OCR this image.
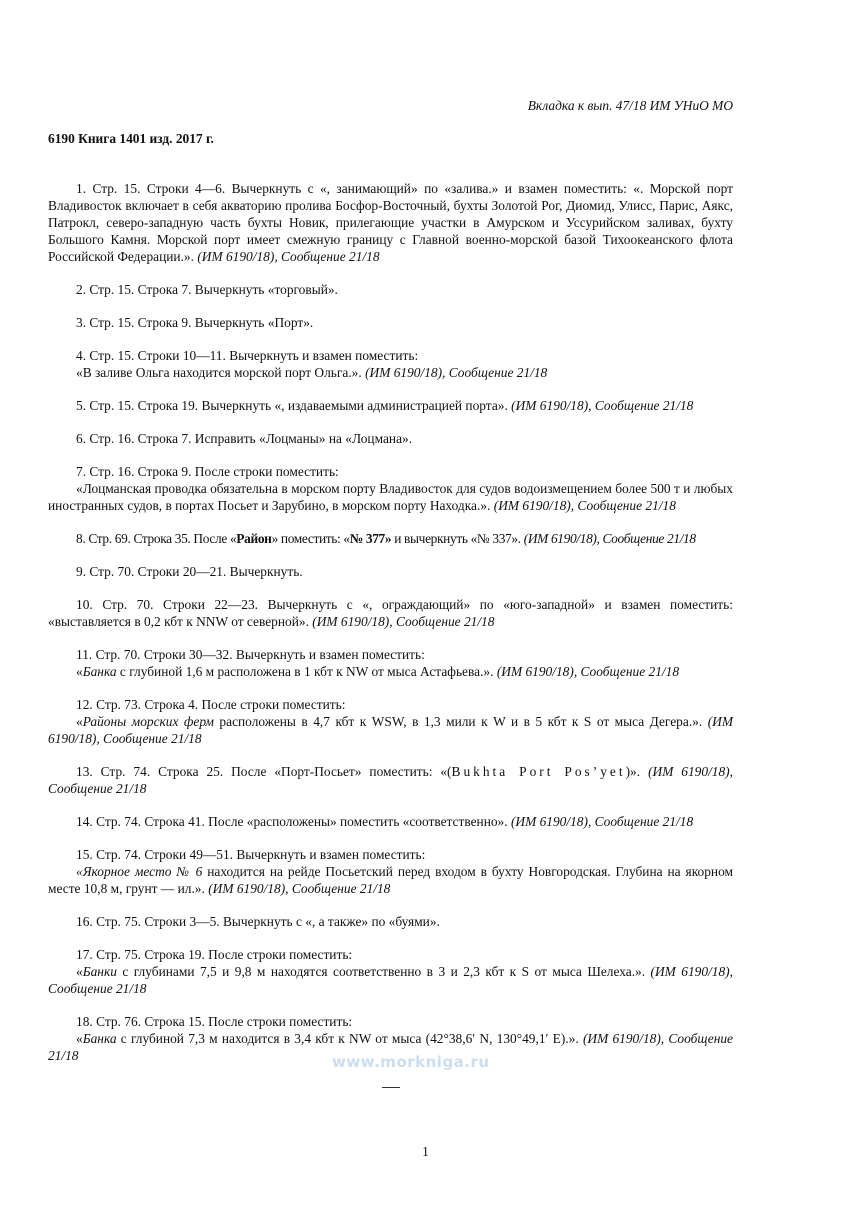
Вкладка к вып. 47/18 ИМ УНиО МО
6190 Книга 1401 изд. 2017 г.

1. Стр. 15. Строки 4—6. Вычеркнуть с «, занимающий» по «залива.» и взамен поместить: «. Морской порт Владивосток включает в себя акваторию пролива Босфор-Восточный, бухты Золотой Рог, Диомид, Улисс, Парис, Аякс, Патрокл, северо-западную часть бухты Новик, прилегающие участки в Амурском и Уссурийском заливах, бухту Большого Камня. Морской порт имеет смежную границу с Главной военно-морской базой Тихоокеанского флота Российской Федерации.». (ИМ 6190/18), Сообщение 21/18

2. Стр. 15. Строка 7. Вычеркнуть «торговый».

3. Стр. 15. Строка 9. Вычеркнуть «Порт».

4. Стр. 15. Строки 10—11. Вычеркнуть и взамен поместить:

«В заливе Ольга находится морской порт Ольга.». (ИМ 6190/18), Сообщение 21/18

5. Стр. 15. Строка 19. Вычеркнуть «, издаваемыми администрацией порта». (ИМ 6190/18), Сообщение 21/18

6. Стр. 16. Строка 7. Исправить «Лоцманы» на «Лоцмана».

7. Стр. 16. Строка 9. После строки поместить:

«Лоцманская проводка обязательна в морском порту Владивосток для судов водоизмещением более 500 т и любых иностранных судов, в портах Посьет и Зарубино, в морском порту Находка.». (ИМ 6190/18), Сообщение 21/18

8. Стр. 69. Строка 35. После «Район» поместить: «№ 377» и вычеркнуть «№ 337». (ИМ 6190/18), Сообщение 21/18

9. Стр. 70. Строки 20—21. Вычеркнуть.

10. Стр. 70. Строки 22—23. Вычеркнуть с «, ограждающий» по «юго-западной» и взамен поместить: «выставляется в 0,2 кбт к NNW от северной». (ИМ 6190/18), Сообщение 21/18

11. Стр. 70. Строки 30—32. Вычеркнуть и взамен поместить:

«Банка с глубиной 1,6 м расположена в 1 кбт к NW от мыса Астафьева.». (ИМ 6190/18), Сообщение 21/18

12. Стр. 73. Строка 4. После строки поместить:

«Районы морских ферм расположены в 4,7 кбт к WSW, в 1,3 мили к W и в 5 кбт к S от мыса Дегера.». (ИМ 6190/18), Сообщение 21/18

13. Стр. 74. Строка 25. После «Порт-Посьет» поместить: «(Bukhta Port Pos’yet)». (ИМ 6190/18), Сообщение 21/18

14. Стр. 74. Строка 41. После «расположены» поместить «соответственно». (ИМ 6190/18), Сообщение 21/18

15. Стр. 74. Строки 49—51. Вычеркнуть и взамен поместить:

«Якорное место № 6 находится на рейде Посьетский перед входом в бухту Новгородская. Глубина на якорном месте 10,8 м, грунт — ил.». (ИМ 6190/18), Сообщение 21/18

16. Стр. 75. Строки 3—5. Вычеркнуть с «, а также» по «буями».

17. Стр. 75. Строка 19. После строки поместить:

«Банки с глубинами 7,5 и 9,8 м находятся соответственно в 3 и 2,3 кбт к S от мыса Шелеха.». (ИМ 6190/18), Сообщение 21/18

18. Стр. 76. Строка 15. После строки поместить:

«Банка с глубиной 7,3 м находится в 3,4 кбт к NW от мыса (42°38,6′ N, 130°49,1′ E).». (ИМ 6190/18), Сообщение 21/18	www.morkniga.ru
1
